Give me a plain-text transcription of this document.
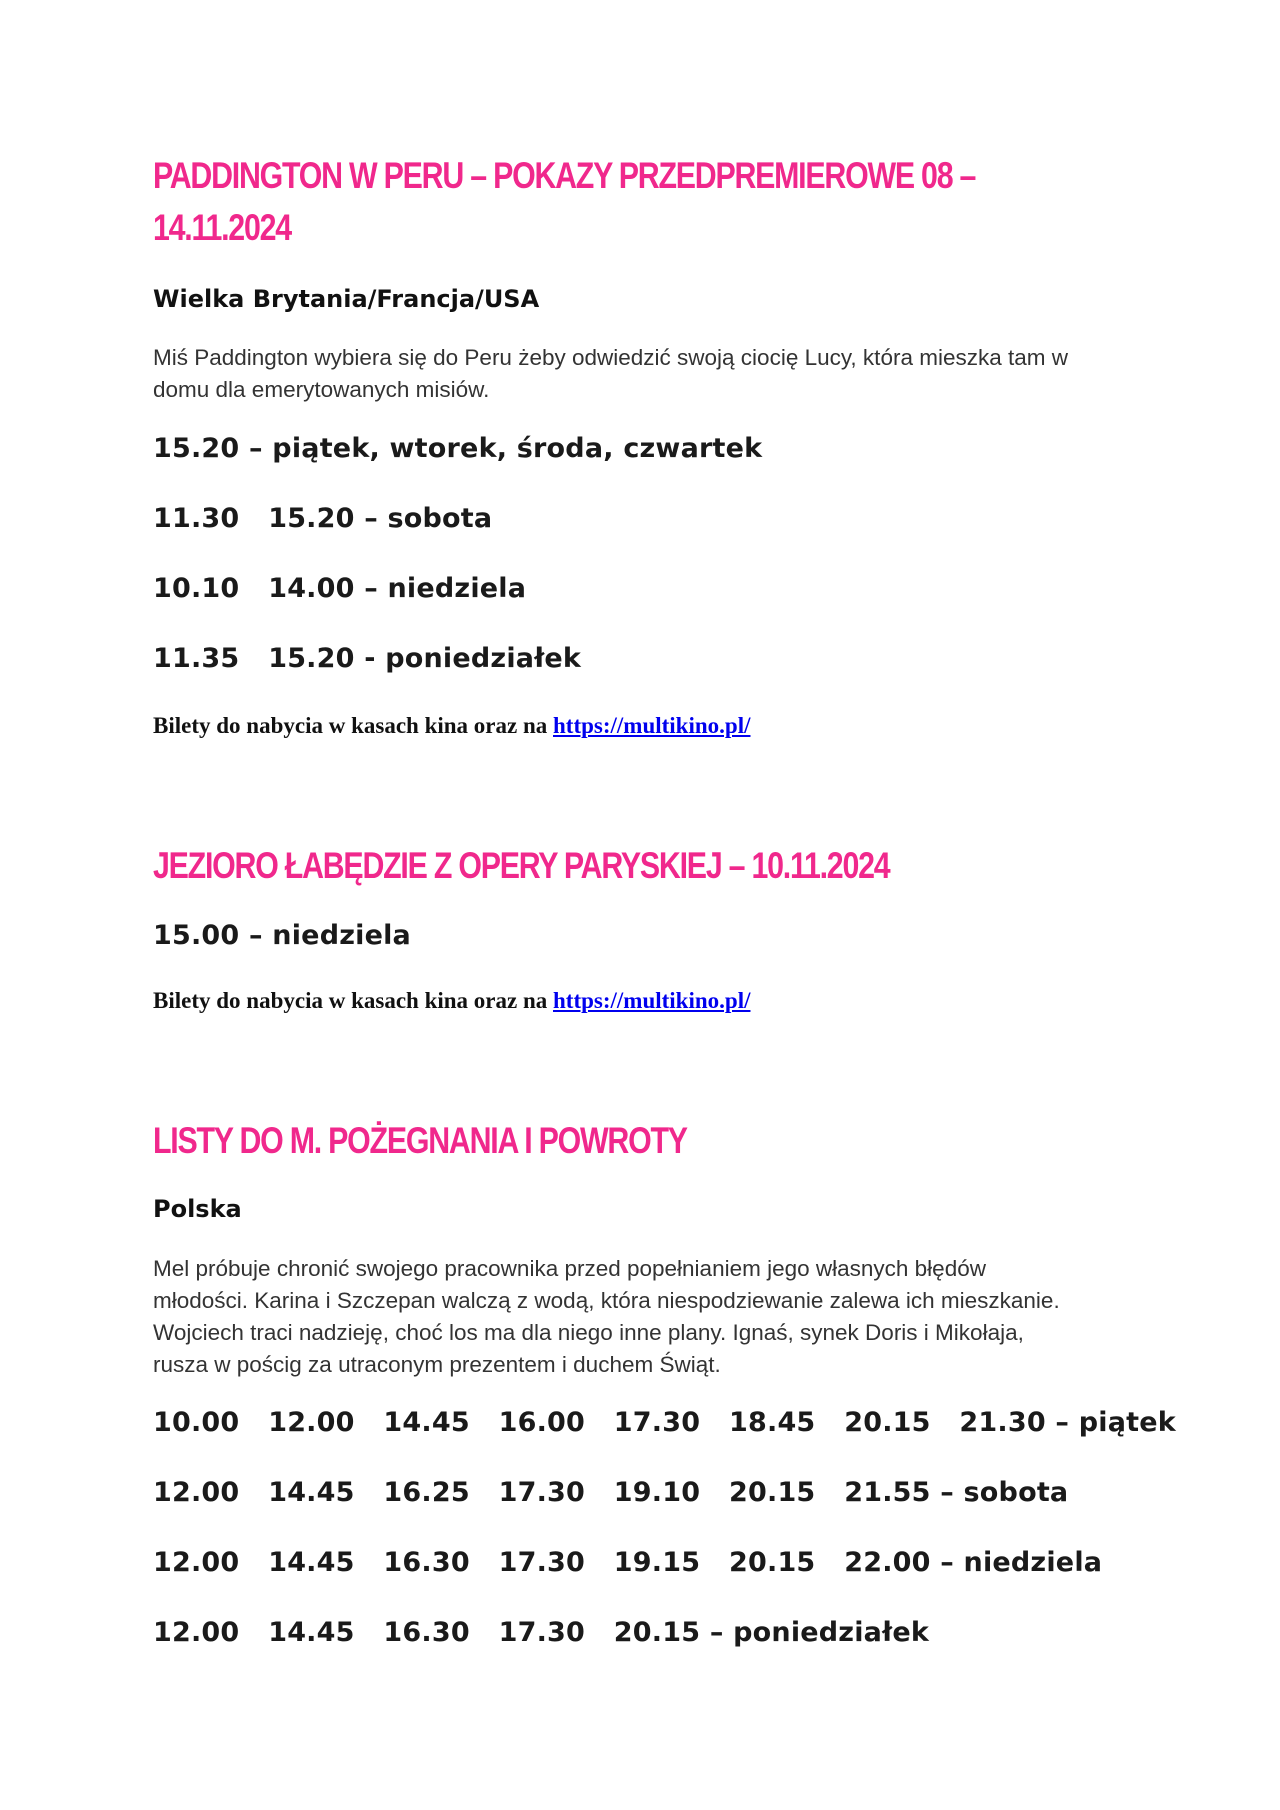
PADDINGTON W PERU – POKAZY PRZEDPREMIEROWE 08 –
14.11.2024

Wielka Brytania/Francja/USA

Miś Paddington wybiera się do Peru żeby odwiedzić swoją ciocię Lucy, która mieszka tam w
domu dla emerytowanych misiów.

15.20 – piątek, wtorek, środa, czwartek

11.30   15.20 – sobota

10.10   14.00 – niedziela

11.35   15.20 - poniedziałek

Bilety do nabycia w kasach kina oraz na https://multikino.pl/

JEZIORO ŁABĘDZIE Z OPERY PARYSKIEJ – 10.11.2024

15.00 – niedziela

Bilety do nabycia w kasach kina oraz na https://multikino.pl/

LISTY DO M. POŻEGNANIA I POWROTY

Polska

Mel próbuje chronić swojego pracownika przed popełnianiem jego własnych błędów
młodości. Karina i Szczepan walczą z wodą, która niespodziewanie zalewa ich mieszkanie.
Wojciech traci nadzieję, choć los ma dla niego inne plany. Ignaś, synek Doris i Mikołaja,
rusza w pościg za utraconym prezentem i duchem Świąt.

10.00   12.00   14.45   16.00   17.30   18.45   20.15   21.30 – piątek

12.00   14.45   16.25   17.30   19.10   20.15   21.55 – sobota

12.00   14.45   16.30   17.30   19.15   20.15   22.00 – niedziela

12.00   14.45   16.30   17.30   20.15 – poniedziałek
